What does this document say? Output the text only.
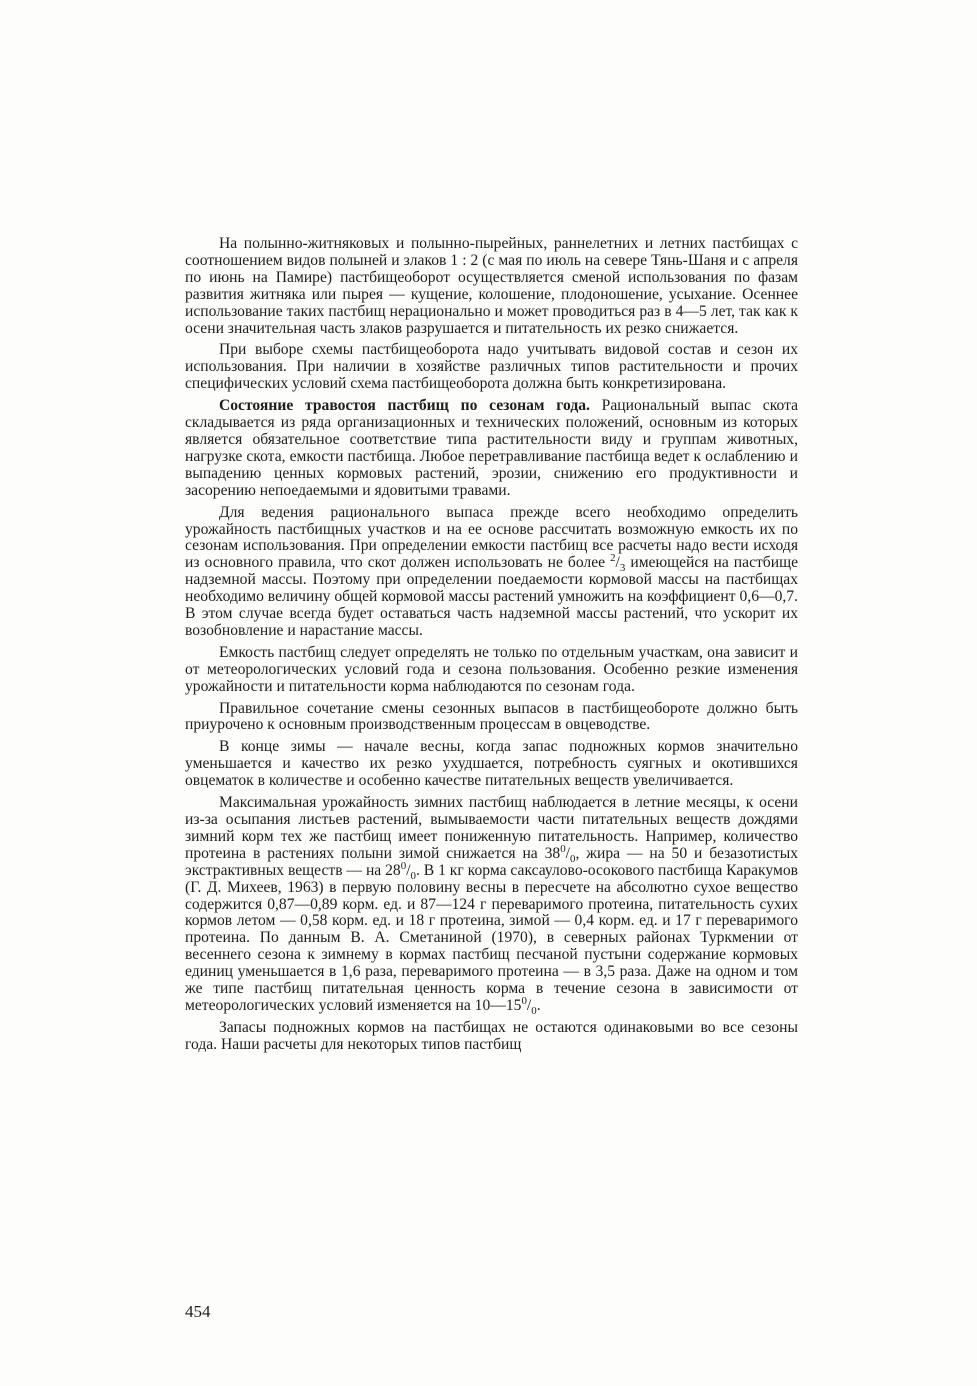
На полынно-житняковых и полынно-пырейных, раннелетних и летних пастбищах с соотношением видов полыней и злаков 1 : 2 (с мая по июль на севере Тянь-Шаня и с апреля по июнь на Памире) пастбищеоборот осуществляется сменой использования по фазам развития житняка или пырея — кущение, колошение, плодоношение, усыхание. Осеннее использование таких пастбищ нерационально и может проводиться раз в 4—5 лет, так как к осени значительная часть злаков разрушается и питательность их резко снижается.

При выборе схемы пастбищеоборота надо учитывать видовой состав и сезон их использования. При наличии в хозяйстве различных типов растительности и прочих специфических условий схема пастбищеоборота должна быть конкретизирована.

Состояние травостоя пастбищ по сезонам года. Рациональный выпас скота складывается из ряда организационных и технических положений, основным из которых является обязательное соответствие типа растительности виду и группам животных, нагрузке скота, емкости пастбища. Любое перетравливание пастбища ведет к ослаблению и выпадению ценных кормовых растений, эрозии, снижению его продуктивности и засорению непоедаемыми и ядовитыми травами.

Для ведения рационального выпаса прежде всего необходимо определить урожайность пастбищных участков и на ее основе рассчитать возможную емкость их по сезонам использования. При определении емкости пастбищ все расчеты надо вести исходя из основного правила, что скот должен использовать не более $^2/_3$ имеющейся на пастбище надземной массы. Поэтому при определении поедаемости кормовой массы на пастбищах необходимо величину общей кормовой массы растений умножить на коэффициент 0,6—0,7. В этом случае всегда будет оставаться часть надземной массы растений, что ускорит их возобновление и нарастание массы.

Емкость пастбищ следует определять не только по отдельным участкам, она зависит и от метеорологических условий года и сезона пользования. Особенно резкие изменения урожайности и питательности корма наблюдаются по сезонам года.

Правильное сочетание смены сезонных выпасов в пастбищеобороте должно быть приурочено к основным производственным процессам в овцеводстве.

В конце зимы — начале весны, когда запас подножных кормов значительно уменьшается и качество их резко ухудшается, потребность суягных и окотившихся овцематок в количестве и особенно качестве питательных веществ увеличивается.

Максимальная урожайность зимних пастбищ наблюдается в летние месяцы, к осени из-за осыпания листьев растений, вымываемости части питательных веществ дождями зимний корм тех же пастбищ имеет пониженную питательность. Например, количество протеина в растениях полыни зимой снижается на $38^0/_0$, жира — на 50 и безазотистых экстрактивных веществ — на $28^0/_0$. В 1 кг корма саксаулово-осокового пастбища Каракумов (Г. Д. Михеев, 1963) в первую половину весны в пересчете на абсолютно сухое вещество содержится 0,87—0,89 корм. ед. и 87—124 г переваримого протеина, питательность сухих кормов летом — 0,58 корм. ед. и 18 г протеина, зимой — 0,4 корм. ед. и 17 г переваримого протеина. По данным В. А. Сметаниной (1970), в северных районах Туркмении от весеннего сезона к зимнему в кормах пастбищ песчаной пустыни содержание кормовых единиц уменьшается в 1,6 раза, переваримого протеина — в 3,5 раза. Даже на одном и том же типе пастбищ питательная ценность корма в течение сезона в зависимости от метеорологических условий изменяется на $10—15^0/_0$.

Запасы подножных кормов на пастбищах не остаются одинаковыми во все сезоны года. Наши расчеты для некоторых типов пастбищ

454
